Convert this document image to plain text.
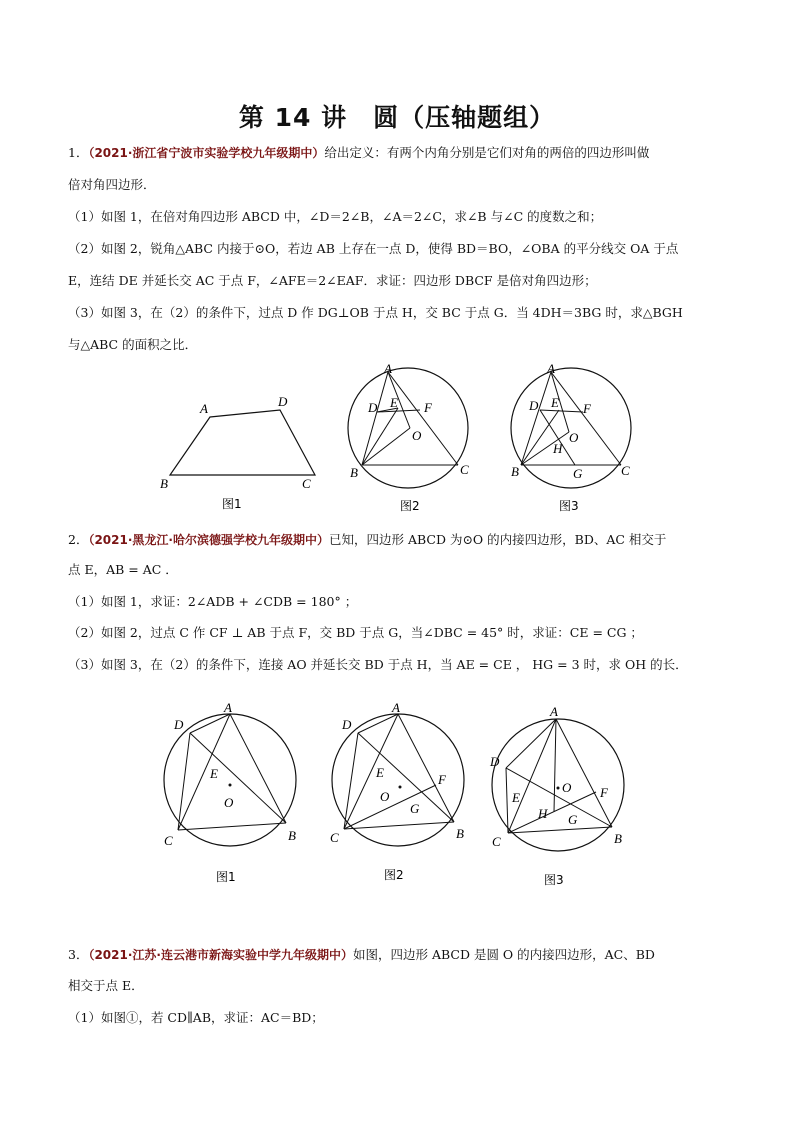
第 14 讲 圆（压轴题组）
1．（2021·浙江省宁波市实验学校九年级期中）给出定义：有两个内角分别是它们对角的两倍的四边形叫做
倍对角四边形．
（1）如图 1，在倍对角四边形 ABCD 中，∠D＝2∠B，∠A＝2∠C，求∠B 与∠C 的度数之和；
（2）如图 2，锐角△ABC 内接于⊙O，若边 AB 上存在一点 D，使得 BD＝BO，∠OBA 的平分线交 OA 于点
E，连结 DE 并延长交 AC 于点 F，∠AFE＝2∠EAF．求证：四边形 DBCF 是倍对角四边形；
（3）如图 3，在（2）的条件下，过点 D 作 DG⊥OB 于点 H，交 BC 于点 G．当 4DH＝3BG 时，求△BGH
与△ABC 的面积之比．
A	D
B	C
图1
A
D E F
O
B	C
图2
A
D E F
O
H
G
B	C
图3
2．（2021·黑龙江·哈尔滨德强学校九年级期中）已知，四边形 ABCD 为⊙O 的内接四边形，BD、AC 相交于
点 E，AB = AC ．
（1）如图 1，求证：2∠ADB + ∠CDB = 180° ；
（2）如图 2，过点 C 作 CF ⊥ AB 于点 F，交 BD 于点 G，当∠DBC = 45° 时，求证：CE = CG ；
（3）如图 3，在（2）的条件下，连接 AO 并延长交 BD 于点 H，当 AE = CE ， HG = 3 时，求 OH 的长．
A
D
E
O
C	B
图1
A
D
E
O
F
G
C	B
图2
A
D
E
O F
H G
C	B
图3
3．（2021·江苏·连云港市新海实验中学九年级期中）如图，四边形 ABCD 是圆 O 的内接四边形，AC、BD
相交于点 E．
（1）如图①，若 CD∥AB，求证：AC＝BD；
